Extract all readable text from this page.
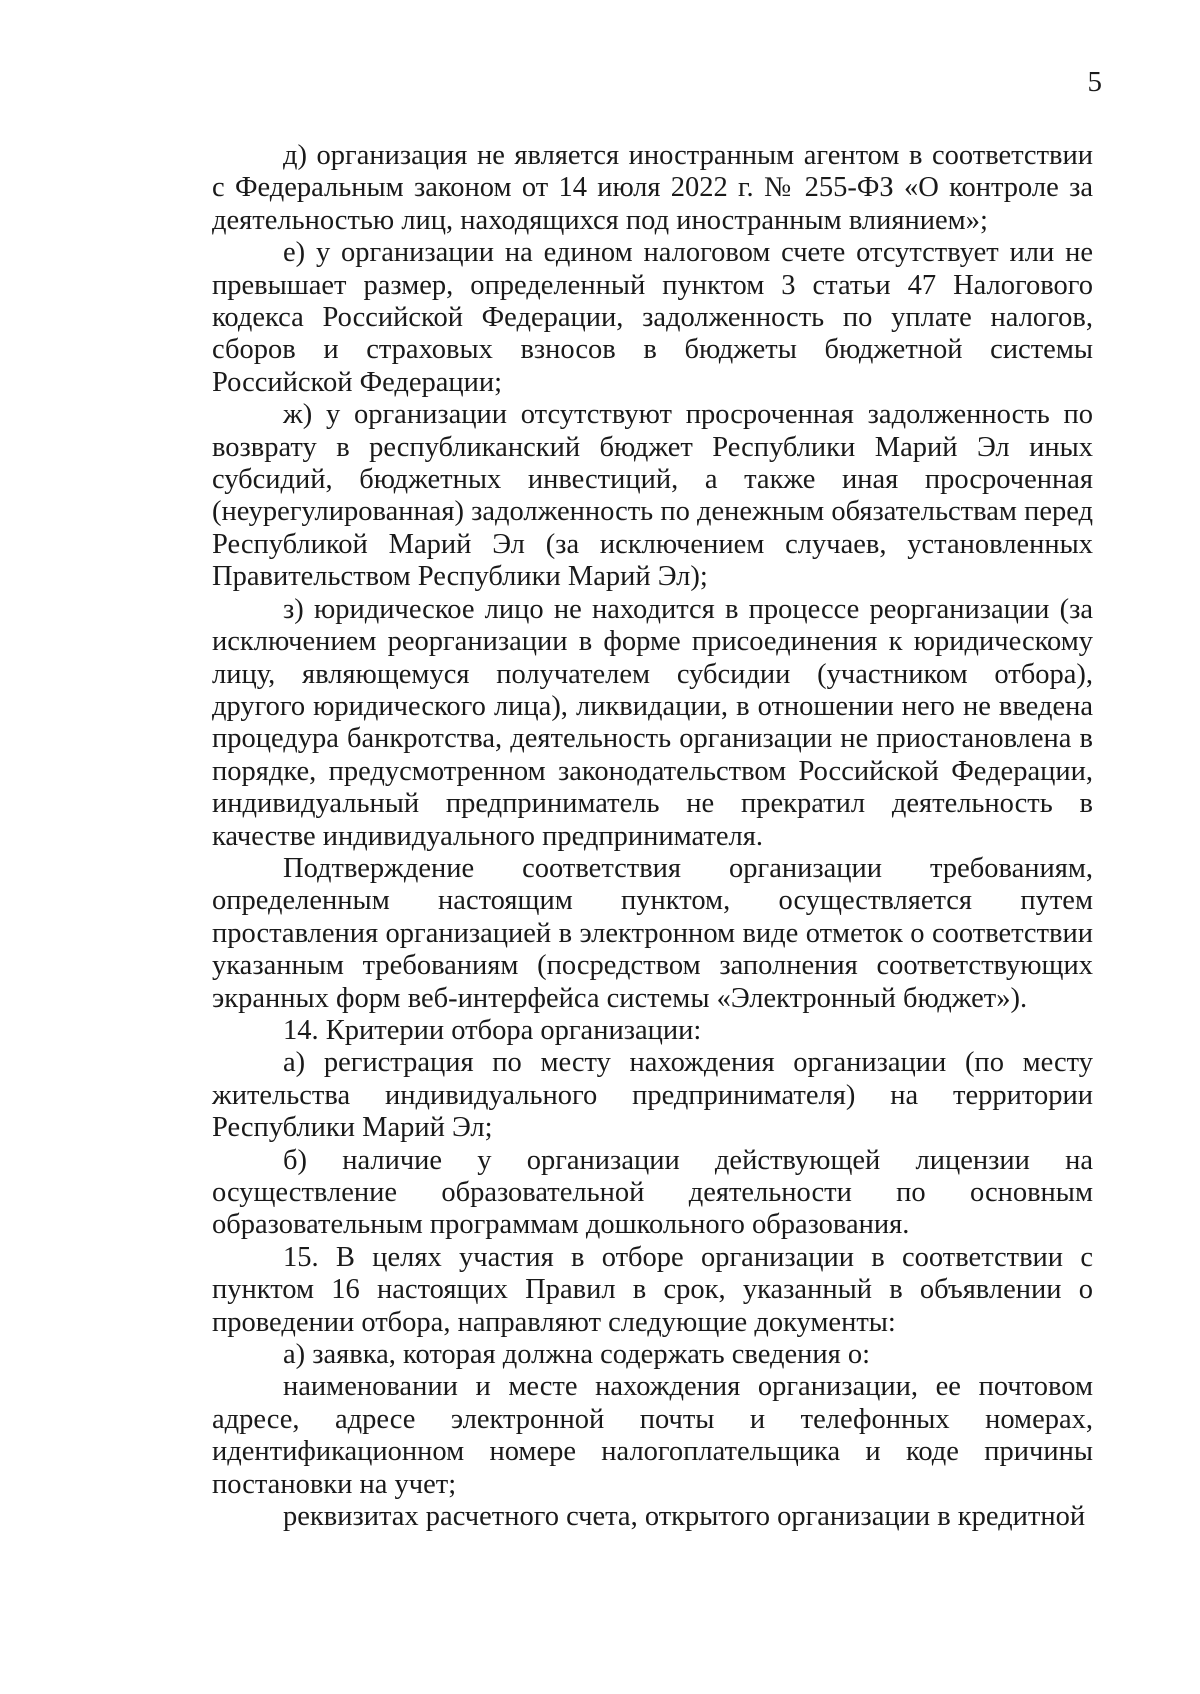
5

д) организация не является иностранным агентом в соответствии с Федеральным законом от 14 июля 2022 г. № 255-ФЗ «О контроле за деятельностью лиц, находящихся под иностранным влиянием»;

е) у организации на едином налоговом счете отсутствует или не превышает размер, определенный пунктом 3 статьи 47 Налогового кодекса Российской Федерации, задолженность по уплате налогов, сборов и страховых взносов в бюджеты бюджетной системы Российской Федерации;

ж) у организации отсутствуют просроченная задолженность по возврату в республиканский бюджет Республики Марий Эл иных субсидий, бюджетных инвестиций, а также иная просроченная (неурегулированная) задолженность по денежным обязательствам перед Республикой Марий Эл (за исключением случаев, установленных Правительством Республики Марий Эл);

з) юридическое лицо не находится в процессе реорганизации (за исключением реорганизации в форме присоединения к юридическому лицу, являющемуся получателем субсидии (участником отбора), другого юридического лица), ликвидации, в отношении него не введена процедура банкротства, деятельность организации не приостановлена в порядке, предусмотренном законодательством Российской Федерации, индивидуальный предприниматель не прекратил деятельность в качестве индивидуального предпринимателя.

Подтверждение соответствия организации требованиям, определенным настоящим пунктом, осуществляется путем проставления организацией в электронном виде отметок о соответствии указанным требованиям (посредством заполнения соответствующих экранных форм веб-интерфейса системы «Электронный бюджет»).

14. Критерии отбора организации:

а) регистрация по месту нахождения организации (по месту жительства индивидуального предпринимателя) на территории Республики Марий Эл;

б) наличие у организации действующей лицензии на осуществление образовательной деятельности по основным образовательным программам дошкольного образования.

15. В целях участия в отборе организации в соответствии с пунктом 16 настоящих Правил в срок, указанный в объявлении о проведении отбора, направляют следующие документы:

а) заявка, которая должна содержать сведения о:

наименовании и месте нахождения организации, ее почтовом адресе, адресе электронной почты и телефонных номерах, идентификационном номере налогоплательщика и коде причины постановки на учет;

реквизитах расчетного счета, открытого организации в кредитной
